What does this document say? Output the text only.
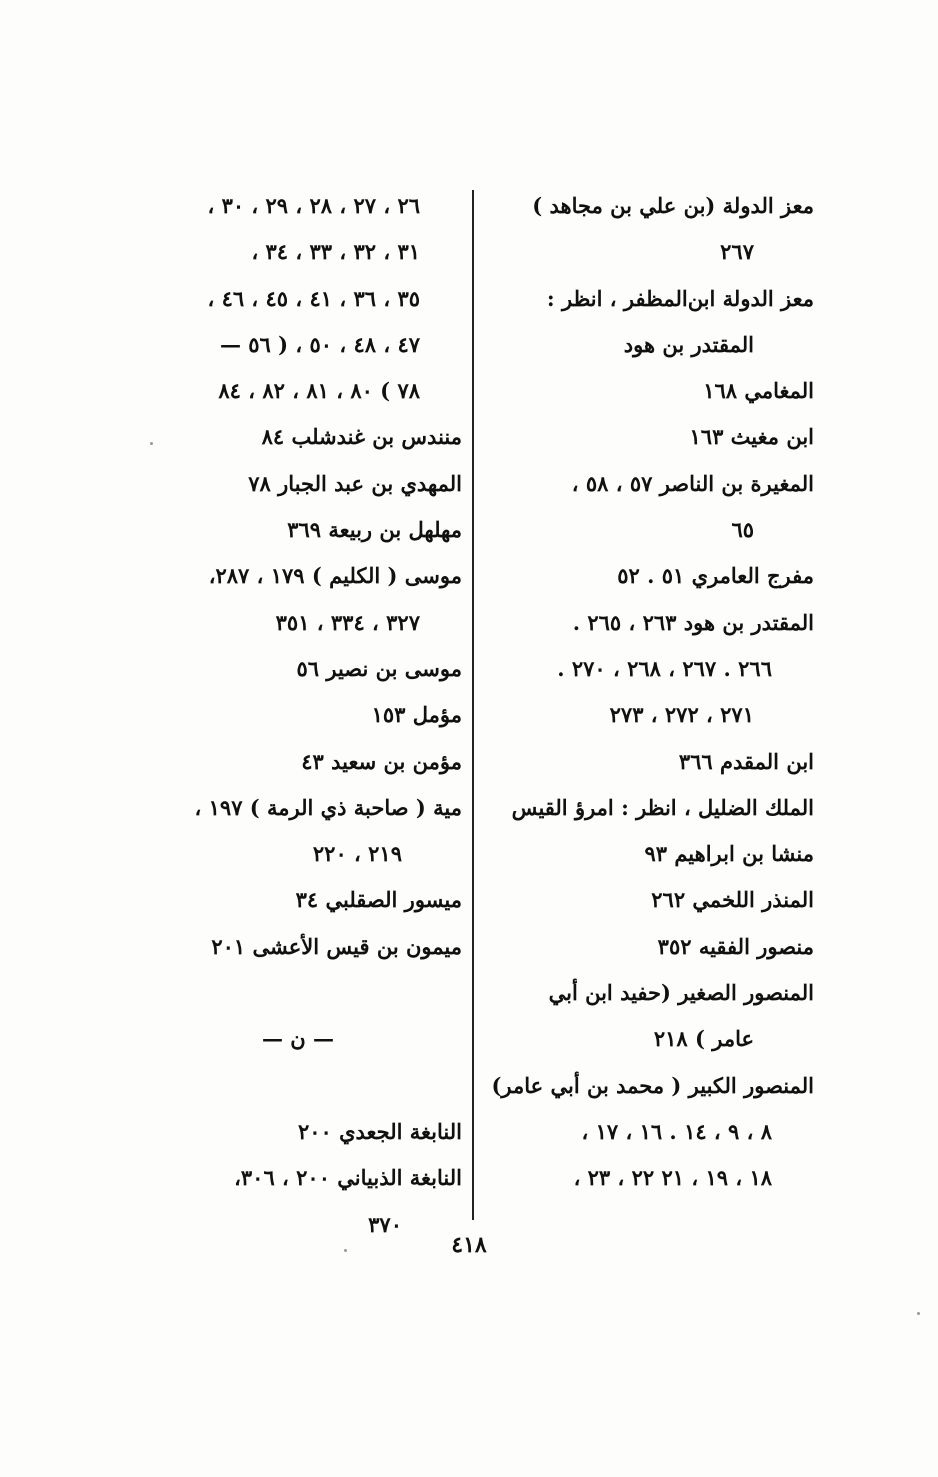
معز الدولة (بن علي بن مجاهد )
٢٦٧
معز الدولة ابن‌المظفر ، انظر :
المقتدر بن هود
المغامي ١٦٨
ابن مغيث ١٦٣
المغيرة بن الناصر ٥٧ ، ٥٨ ،
٦٥
مفرج العامري ٥١ . ٥٢
المقتدر بن هود ٢٦٣ ، ٢٦٥ .
٢٦٦ . ٢٦٧ ، ٢٦٨ ، ٢٧٠ .
٢٧١ ، ٢٧٢ ، ٢٧٣
ابن المقدم ٣٦٦
الملك الضليل ، انظر : امرؤ القيس
منشا بن ابراهيم ٩٣
المنذر اللخمي ٢٦٢
منصور الفقيه ٣٥٢
المنصور الصغير (حفيد ابن أبي
عامر ) ٢١٨
المنصور الكبير ( محمد بن أبي عامر)
٨ ، ٩ ، ١٤ . ١٦ ، ١٧ ،
١٨ ، ١٩ ، ٢١ ٢٢ ، ٢٣ ،
٢٦ ، ٢٧ ، ٢٨ ، ٢٩ ، ٣٠ ،
٣١ ، ٣٢ ، ٣٣ ، ٣٤ ،
٣٥ ، ٣٦ ، ٤١ ، ٤٥ ، ٤٦ ،
٤٧ ، ٤٨ ، ٥٠ ، ( ٥٦ —
٧٨ ) ٨٠ ، ٨١ ، ٨٢ ، ٨٤
منندس بن غندشلب ٨٤
المهدي بن عبد الجبار ٧٨
مهلهل بن ربيعة ٣٦٩
موسى ( الكليم ) ١٧٩ ، ٢٨٧،
٣٢٧ ، ٣٣٤ ، ٣٥١
موسى بن نصير ٥٦
مؤمل ١٥٣
مؤمن بن سعيد ٤٣
مية ( صاحبة ذي الرمة ) ١٩٧ ،
٢١٩ ، ٢٢٠
ميسور الصقلبي ٣٤
ميمون بن قيس الأعشى ٢٠١
— ن —
النابغة الجعدي ٢٠٠
النابغة الذبياني ٢٠٠ ، ٣٠٦،
٣٧٠
٤١٨
